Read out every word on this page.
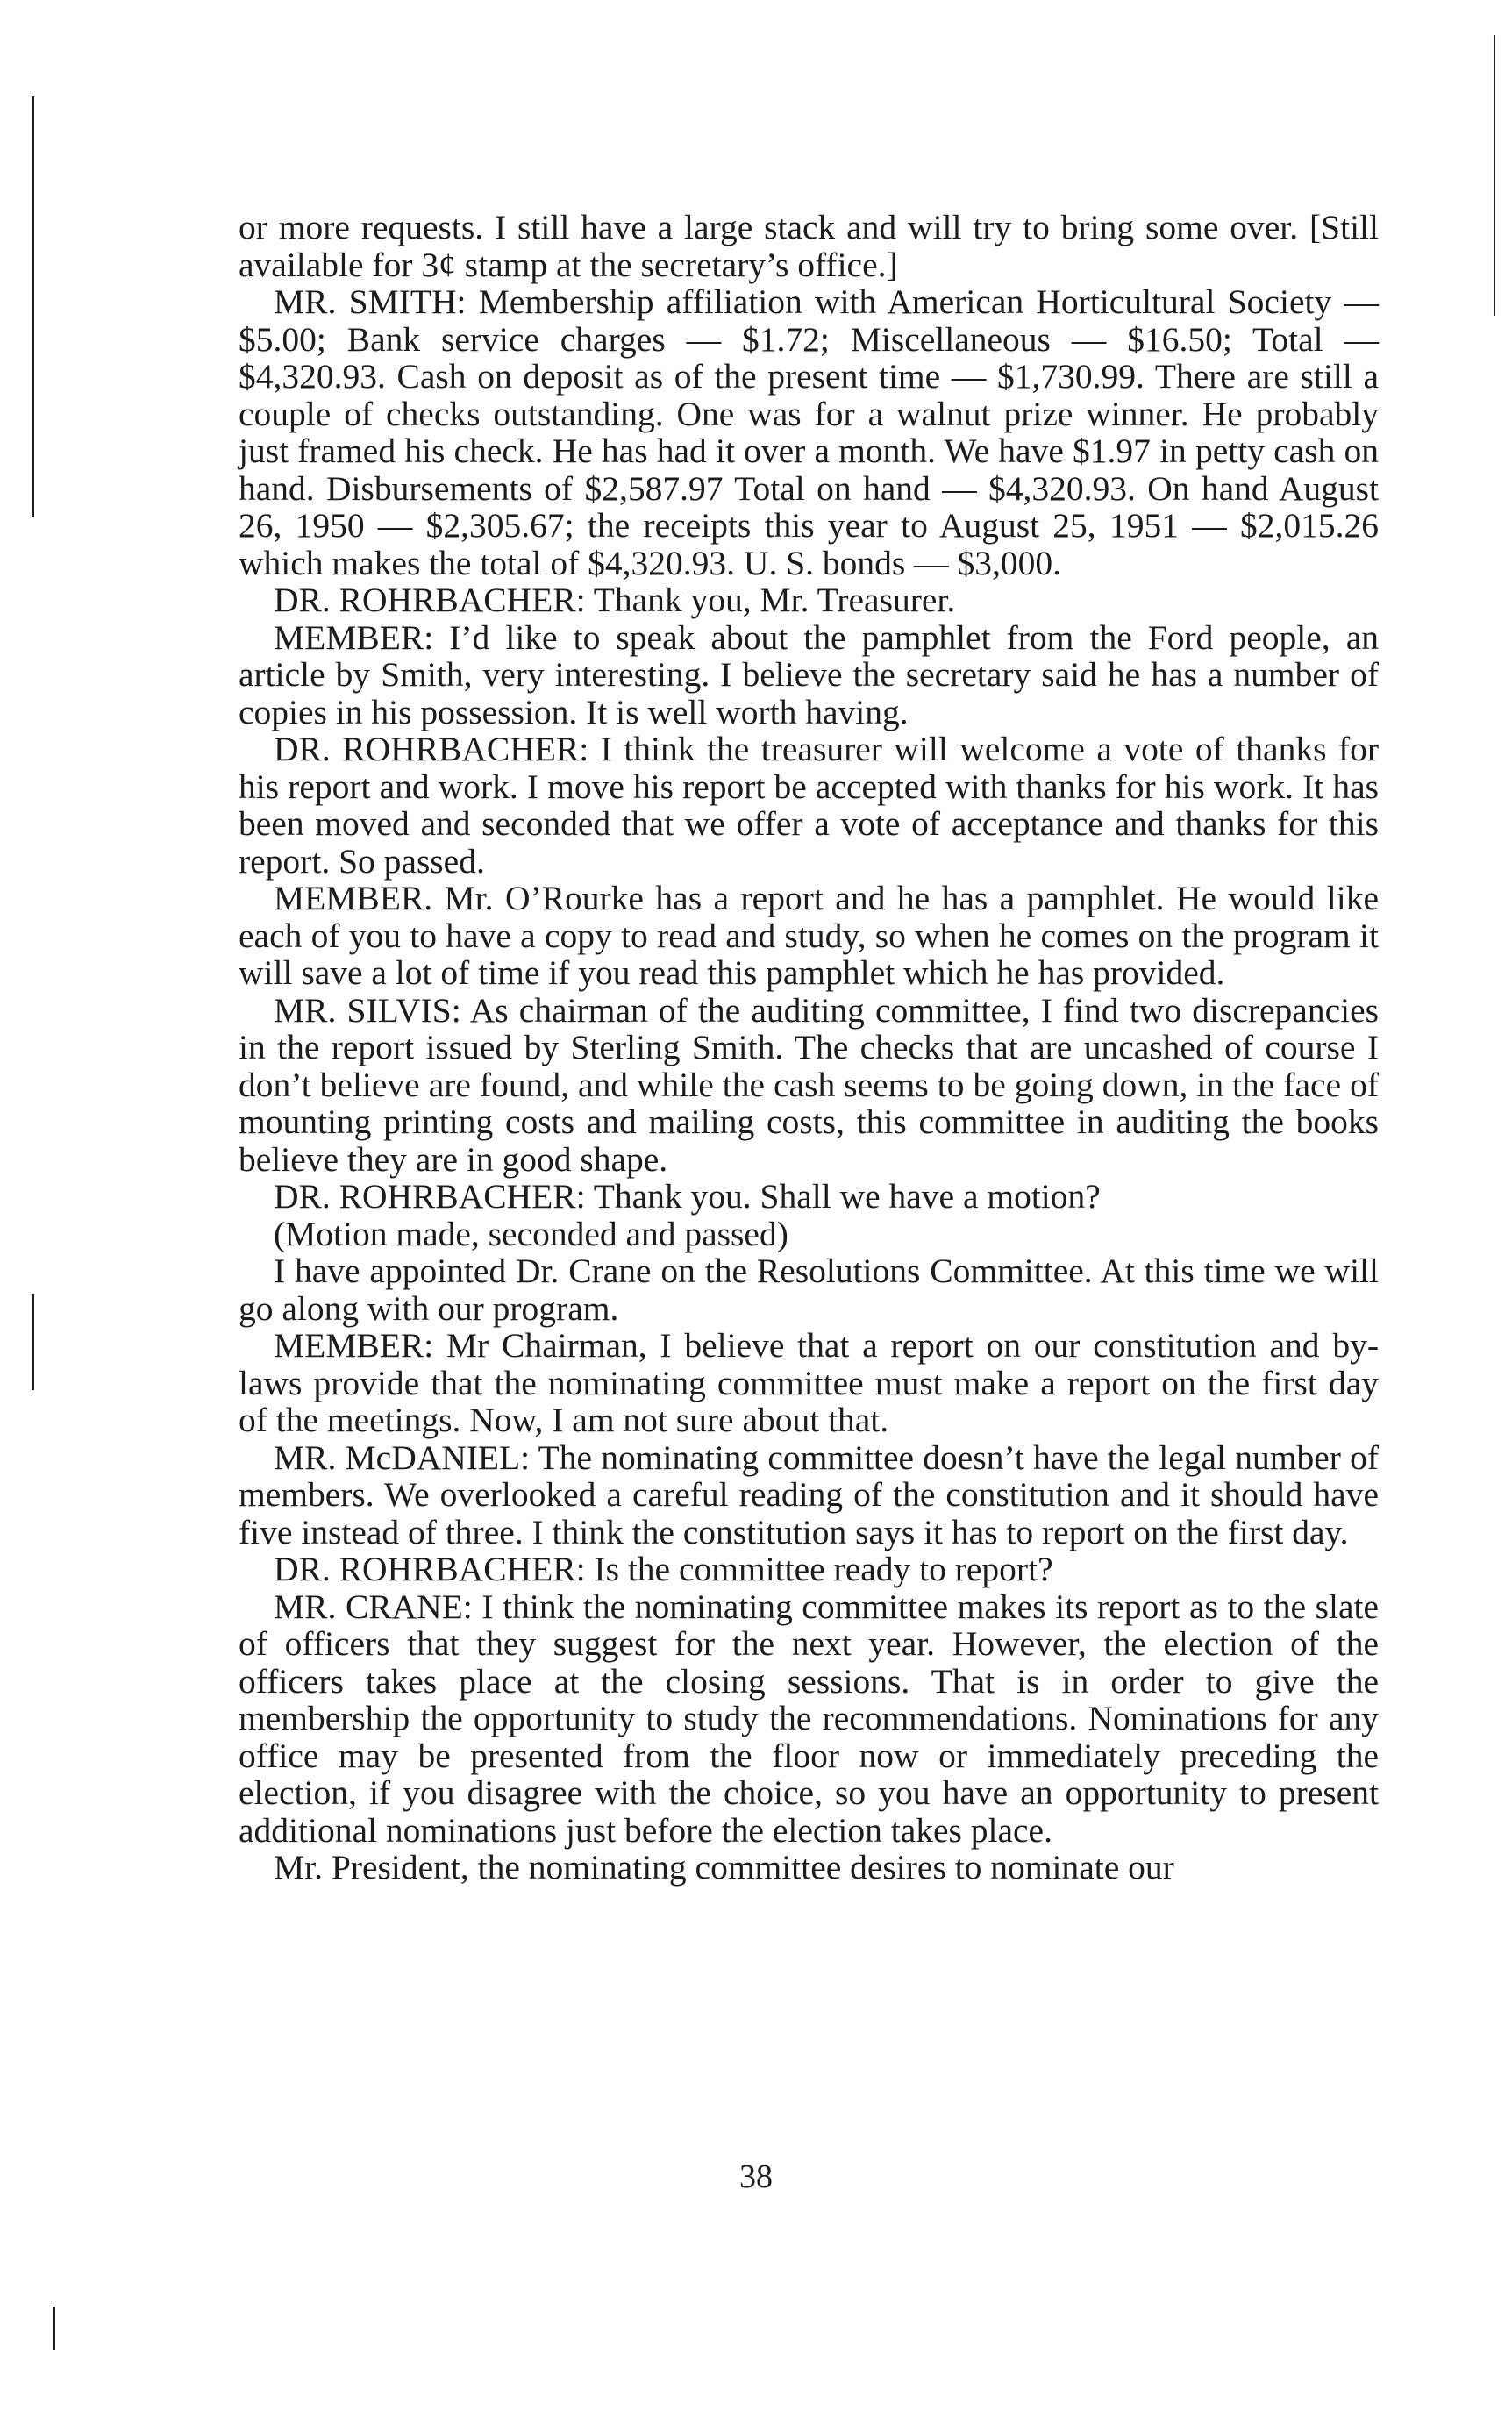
or more requests. I still have a large stack and will try to bring some over. [Still available for 3¢ stamp at the secretary’s office.]

MR. SMITH: Membership affiliation with American Horticultural Society — $5.00; Bank service charges — $1.72; Miscellaneous — $16.50; Total — $4,320.93. Cash on deposit as of the present time — $1,730.99. There are still a couple of checks outstanding. One was for a walnut prize winner. He probably just framed his check. He has had it over a month. We have $1.97 in petty cash on hand. Disbursements of $2,587.97 Total on hand — $4,320.93. On hand August 26, 1950 — $2,305.67; the receipts this year to August 25, 1951 — $2,015.26 which makes the total of $4,320.93. U. S. bonds — $3,000.

DR. ROHRBACHER: Thank you, Mr. Treasurer.

MEMBER: I’d like to speak about the pamphlet from the Ford people, an article by Smith, very interesting. I believe the secretary said he has a number of copies in his possession. It is well worth having.

DR. ROHRBACHER: I think the treasurer will welcome a vote of thanks for his report and work. I move his report be accepted with thanks for his work. It has been moved and seconded that we offer a vote of acceptance and thanks for this report. So passed.

MEMBER. Mr. O’Rourke has a report and he has a pamphlet. He would like each of you to have a copy to read and study, so when he comes on the program it will save a lot of time if you read this pamphlet which he has provided.

MR. SILVIS: As chairman of the auditing committee, I find two discrepancies in the report issued by Sterling Smith. The checks that are uncashed of course I don’t believe are found, and while the cash seems to be going down, in the face of mounting printing costs and mailing costs, this committee in auditing the books believe they are in good shape.

DR. ROHRBACHER: Thank you. Shall we have a motion?

(Motion made, seconded and passed)

I have appointed Dr. Crane on the Resolutions Committee. At this time we will go along with our program.

MEMBER: Mr Chairman, I believe that a report on our constitution and by-laws provide that the nominating committee must make a report on the first day of the meetings. Now, I am not sure about that.

MR. McDANIEL: The nominating committee doesn’t have the legal number of members. We overlooked a careful reading of the constitution and it should have five instead of three. I think the constitution says it has to report on the first day.

DR. ROHRBACHER: Is the committee ready to report?

MR. CRANE: I think the nominating committee makes its report as to the slate of officers that they suggest for the next year. However, the election of the officers takes place at the closing sessions. That is in order to give the membership the opportunity to study the recommendations. Nominations for any office may be presented from the floor now or immediately preceding the election, if you disagree with the choice, so you have an opportunity to present additional nominations just before the election takes place.

Mr. President, the nominating committee desires to nominate our

38
